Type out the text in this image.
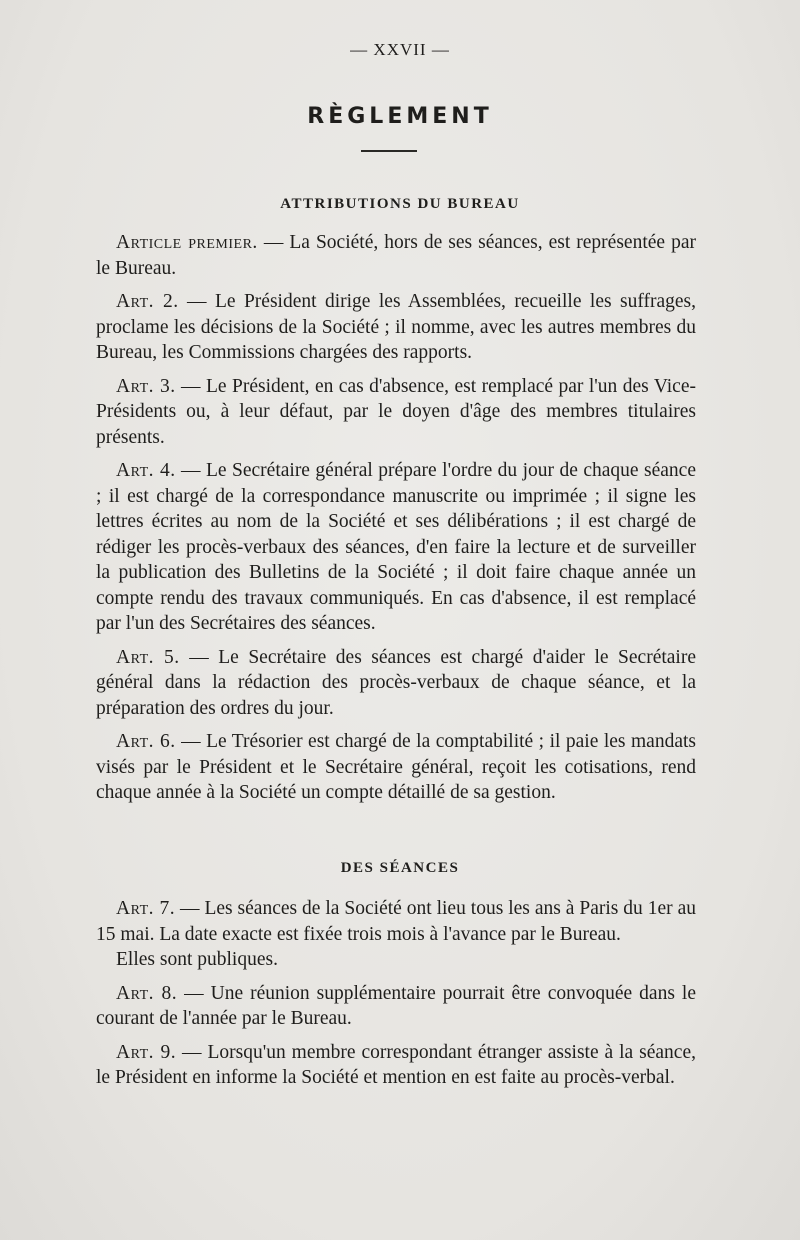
— XXVII —
RÈGLEMENT
ATTRIBUTIONS DU BUREAU

Article premier. — La Société, hors de ses séances, est représentée par le Bureau.

Art. 2. — Le Président dirige les Assemblées, recueille les suffrages, proclame les décisions de la Société ; il nomme, avec les autres membres du Bureau, les Commissions chargées des rapports.

Art. 3. — Le Président, en cas d'absence, est remplacé par l'un des Vice-Présidents ou, à leur défaut, par le doyen d'âge des membres titulaires présents.

Art. 4. — Le Secrétaire général prépare l'ordre du jour de chaque séance ; il est chargé de la correspondance manuscrite ou imprimée ; il signe les lettres écrites au nom de la Société et ses délibérations ; il est chargé de rédiger les procès-verbaux des séances, d'en faire la lecture et de surveiller la publication des Bulletins de la Société ; il doit faire chaque année un compte rendu des travaux communiqués. En cas d'absence, il est remplacé par l'un des Secrétaires des séances.

Art. 5. — Le Secrétaire des séances est chargé d'aider le Secrétaire général dans la rédaction des procès-verbaux de chaque séance, et la préparation des ordres du jour.

Art. 6. — Le Trésorier est chargé de la comptabilité ; il paie les mandats visés par le Président et le Secrétaire général, reçoit les cotisations, rend chaque année à la Société un compte détaillé de sa gestion.

DES SÉANCES

Art. 7. — Les séances de la Société ont lieu tous les ans à Paris du 1er au 15 mai. La date exacte est fixée trois mois à l'avance par le Bureau.

Elles sont publiques.

Art. 8. — Une réunion supplémentaire pourrait être convoquée dans le courant de l'année par le Bureau.

Art. 9. — Lorsqu'un membre correspondant étranger assiste à la séance, le Président en informe la Société et mention en est faite au procès-verbal.
